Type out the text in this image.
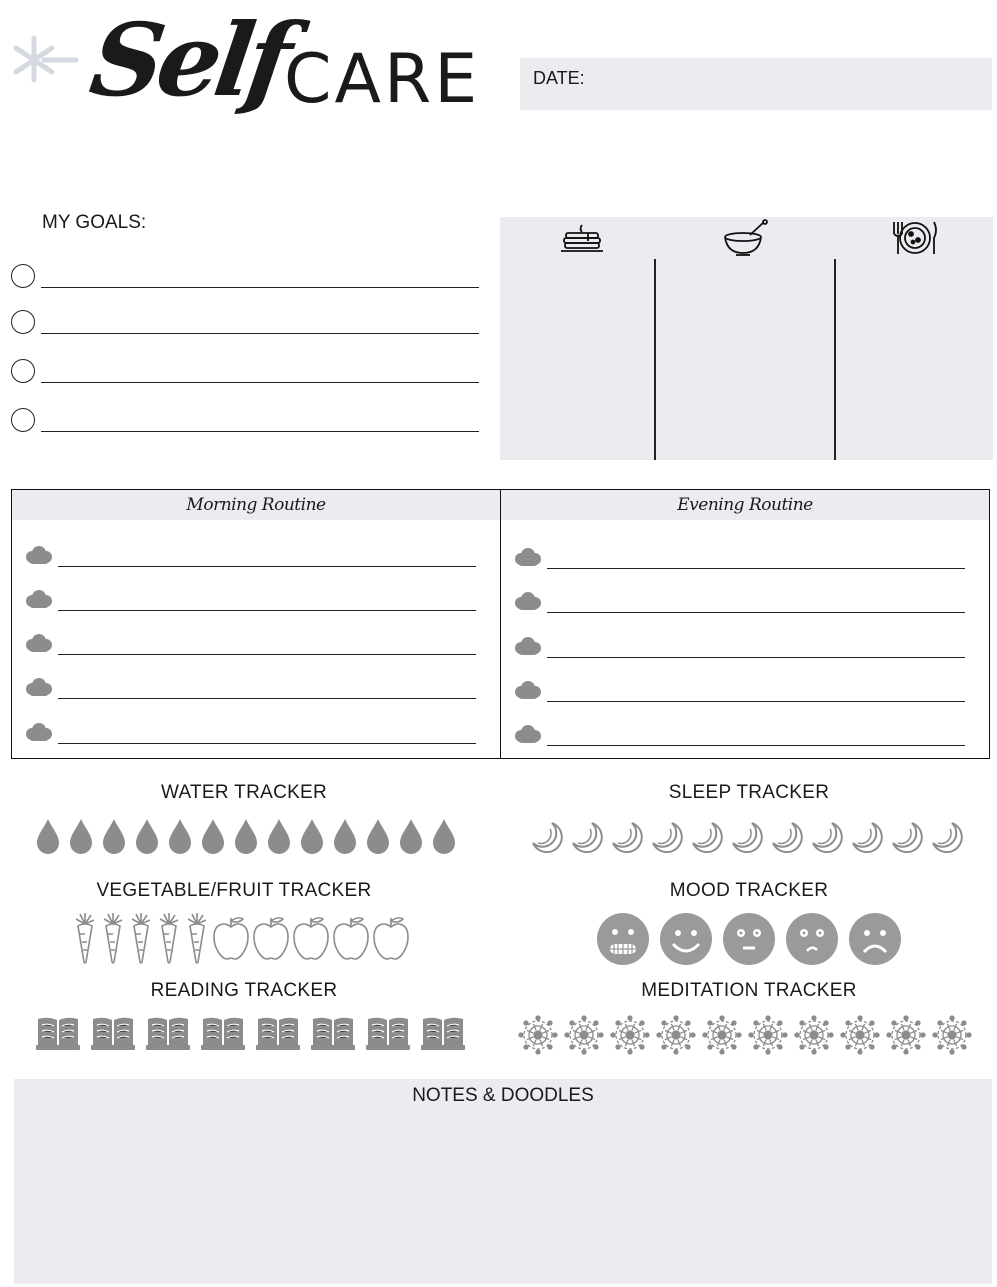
Self
CARE	DATE:
MY GOALS:
Morning Routine	Evening Routine
WATER TRACKER	SLEEP TRACKER
VEGETABLE/FRUIT TRACKER	MOOD TRACKER
READING TRACKER	MEDITATION TRACKER
NOTES & DOODLES
